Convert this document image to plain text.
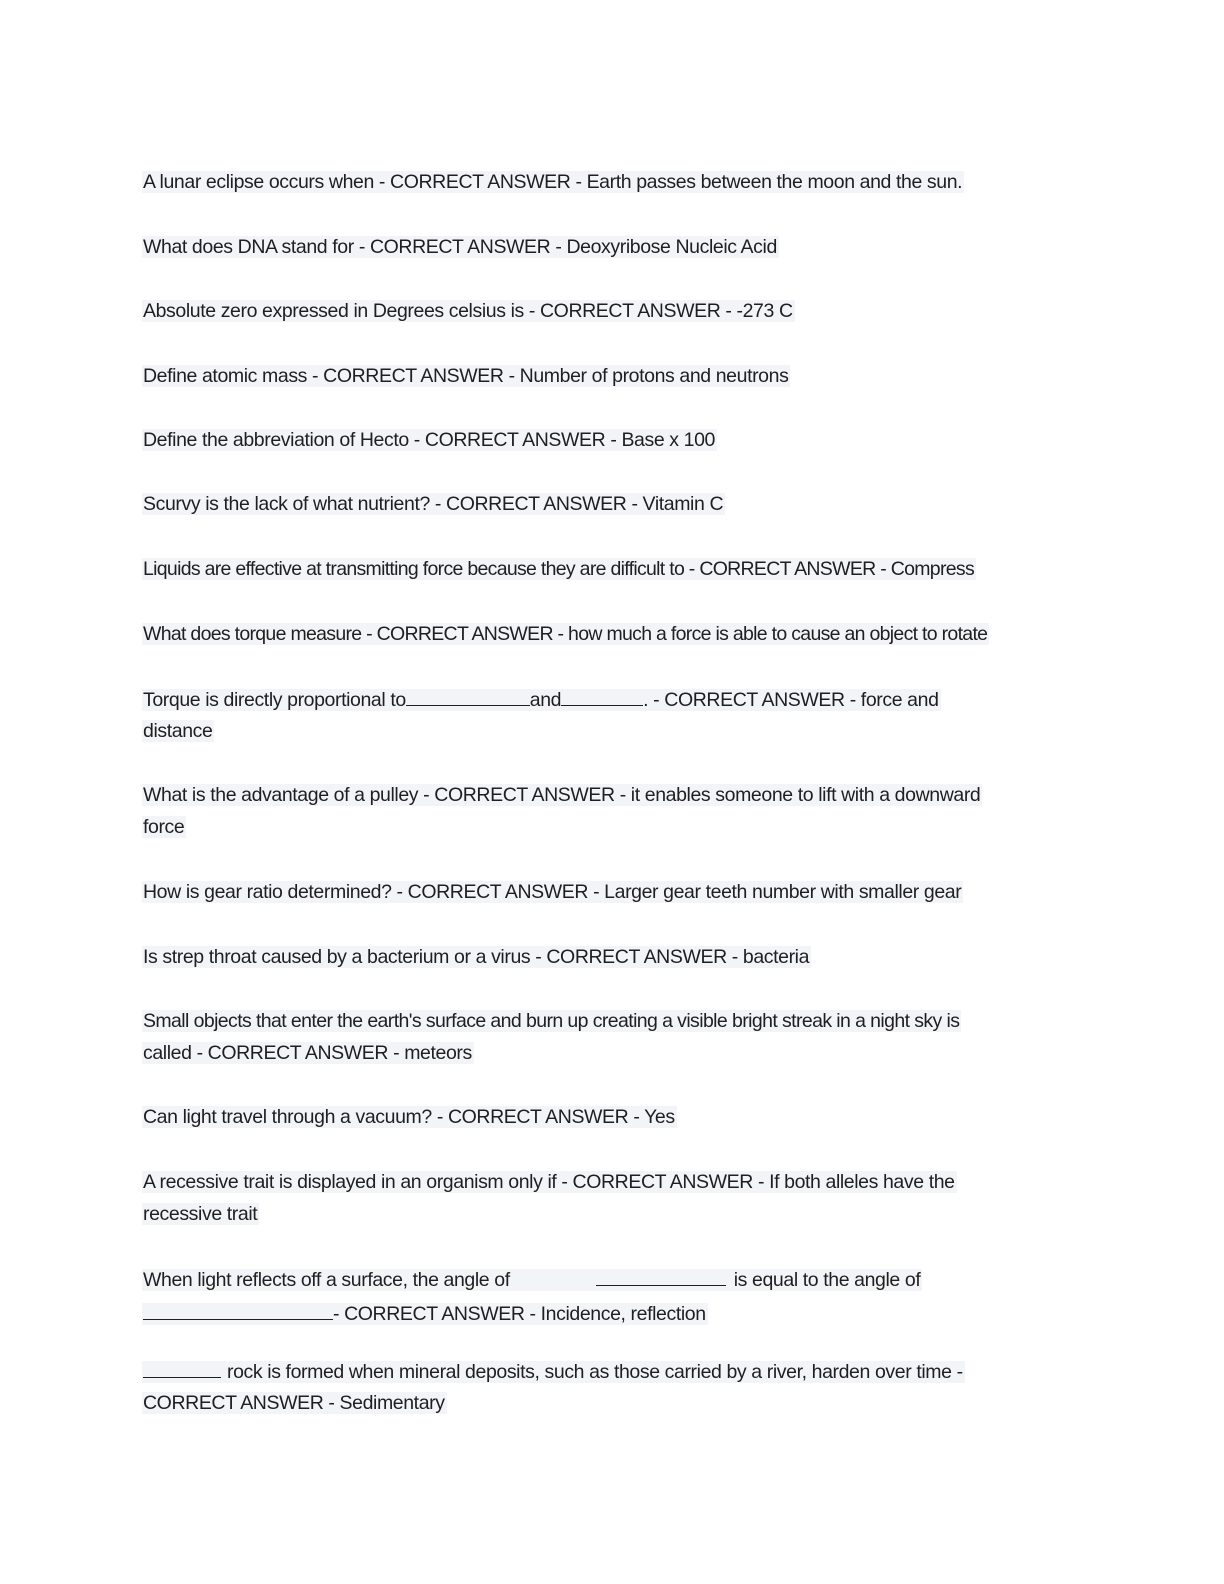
A lunar eclipse occurs when - CORRECT ANSWER - Earth passes between the moon and the sun.
What does DNA stand for - CORRECT ANSWER - Deoxyribose Nucleic Acid
Absolute zero expressed in Degrees celsius is - CORRECT ANSWER - -273 C
Define atomic mass - CORRECT ANSWER - Number of protons and neutrons
Define the abbreviation of Hecto - CORRECT ANSWER - Base x 100
Scurvy is the lack of what nutrient? - CORRECT ANSWER - Vitamin C
Liquids are effective at transmitting force because they are difficult to - CORRECT ANSWER - Compress
What does torque measure - CORRECT ANSWER - how much a force is able to cause an object to rotate
Torque is directly proportional to	and	. - CORRECT ANSWER - force and
distance
What is the advantage of a pulley - CORRECT ANSWER - it enables someone to lift with a downward
force
How is gear ratio determined? - CORRECT ANSWER - Larger gear teeth number with smaller gear
Is strep throat caused by a bacterium or a virus - CORRECT ANSWER - bacteria
Small objects that enter the earth's surface and burn up creating a visible bright streak in a night sky is
called - CORRECT ANSWER - meteors
Can light travel through a vacuum? - CORRECT ANSWER - Yes
A recessive trait is displayed in an organism only if - CORRECT ANSWER - If both alleles have the
recessive trait
When light reflects off a surface, the angle of	is equal to the angle of
- CORRECT ANSWER - Incidence, reflection
rock is formed when mineral deposits, such as those carried by a river, harden over time -
CORRECT ANSWER - Sedimentary
